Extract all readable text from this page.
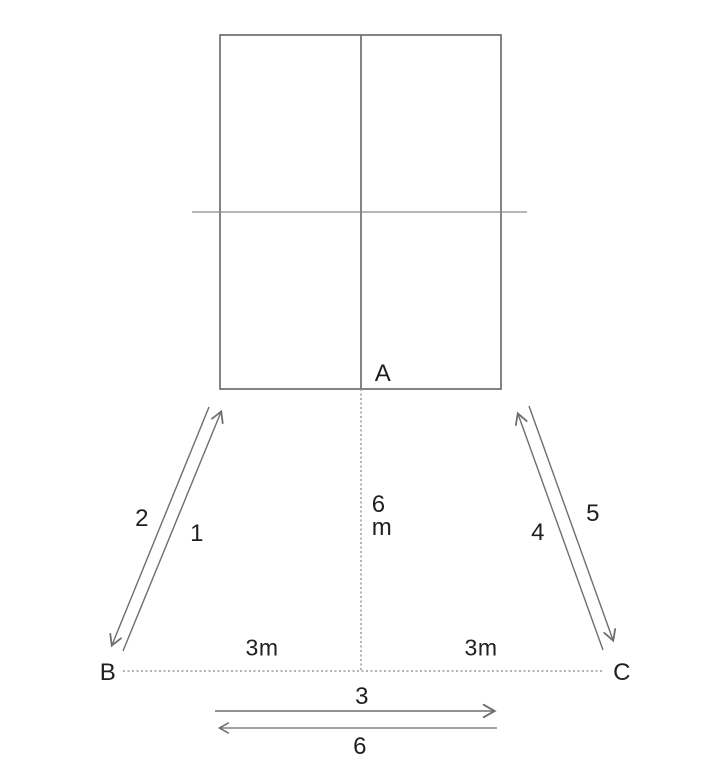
A
B	C
6
m
3m	3m
1
2
3
4
5
6
